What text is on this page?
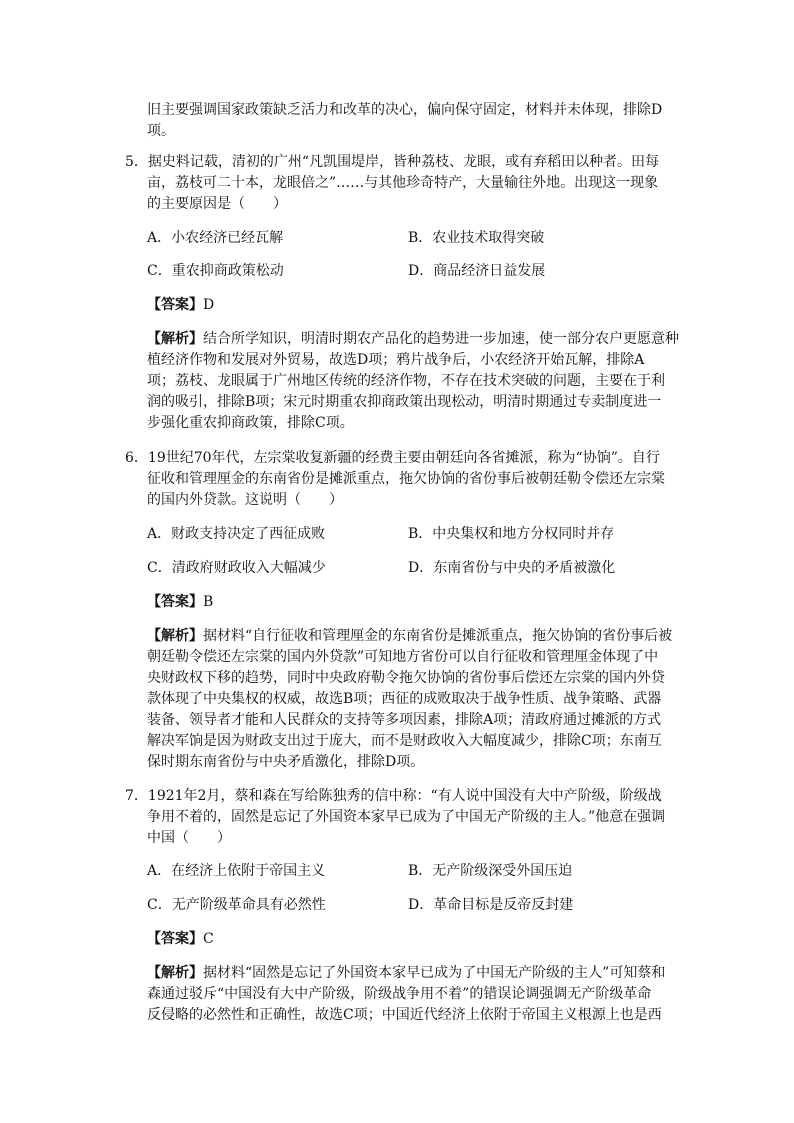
旧主要强调国家政策缺乏活力和改革的决心，偏向保守固定，材料并未体现，排除D
项。
5．据史料记载，清初的广州“凡凯围堤岸，皆种荔枝、龙眼，或有弃稻田以种者。田每
亩，荔枝可二十本，龙眼倍之”……与其他珍奇特产，大量输往外地。出现这一现象
的主要原因是（　　）
A．小农经济已经瓦解	B．农业技术取得突破
C．重农抑商政策松动	D．商品经济日益发展
【答案】D
【解析】结合所学知识，明清时期农产品化的趋势进一步加速，使一部分农户更愿意种
植经济作物和发展对外贸易，故选D项；鸦片战争后，小农经济开始瓦解，排除A
项；荔枝、龙眼属于广州地区传统的经济作物，不存在技术突破的问题，主要在于利
润的吸引，排除B项；宋元时期重农抑商政策出现松动，明清时期通过专卖制度进一
步强化重农抑商政策，排除C项。
6．19世纪70年代，左宗棠收复新疆的经费主要由朝廷向各省摊派，称为“协饷”。自行
征收和管理厘金的东南省份是摊派重点，拖欠协饷的省份事后被朝廷勒令偿还左宗棠
的国内外贷款。这说明（　　）
A．财政支持决定了西征成败	B．中央集权和地方分权同时并存
C．清政府财政收入大幅减少	D．东南省份与中央的矛盾被激化
【答案】B
【解析】据材料“自行征收和管理厘金的东南省份是摊派重点，拖欠协饷的省份事后被
朝廷勒令偿还左宗棠的国内外贷款”可知地方省份可以自行征收和管理厘金体现了中
央财政权下移的趋势，同时中央政府勒令拖欠协饷的省份事后偿还左宗棠的国内外贷
款体现了中央集权的权威，故选B项；西征的成败取决于战争性质、战争策略、武器
装备、领导者才能和人民群众的支持等多项因素，排除A项；清政府通过摊派的方式
解决军饷是因为财政支出过于庞大，而不是财政收入大幅度减少，排除C项；东南互
保时期东南省份与中央矛盾激化，排除D项。
7．1921年2月，蔡和森在写给陈独秀的信中称：“有人说中国没有大中产阶级，阶级战
争用不着的，固然是忘记了外国资本家早已成为了中国无产阶级的主人。”他意在强调
中国（　　）
A．在经济上依附于帝国主义	B．无产阶级深受外国压迫
C．无产阶级革命具有必然性	D．革命目标是反帝反封建
【答案】C
【解析】据材料“固然是忘记了外国资本家早已成为了中国无产阶级的主人”可知蔡和
森通过驳斥“中国没有大中产阶级，阶级战争用不着”的错误论调强调无产阶级革命
反侵略的必然性和正确性，故选C项；中国近代经济上依附于帝国主义根源上也是西
